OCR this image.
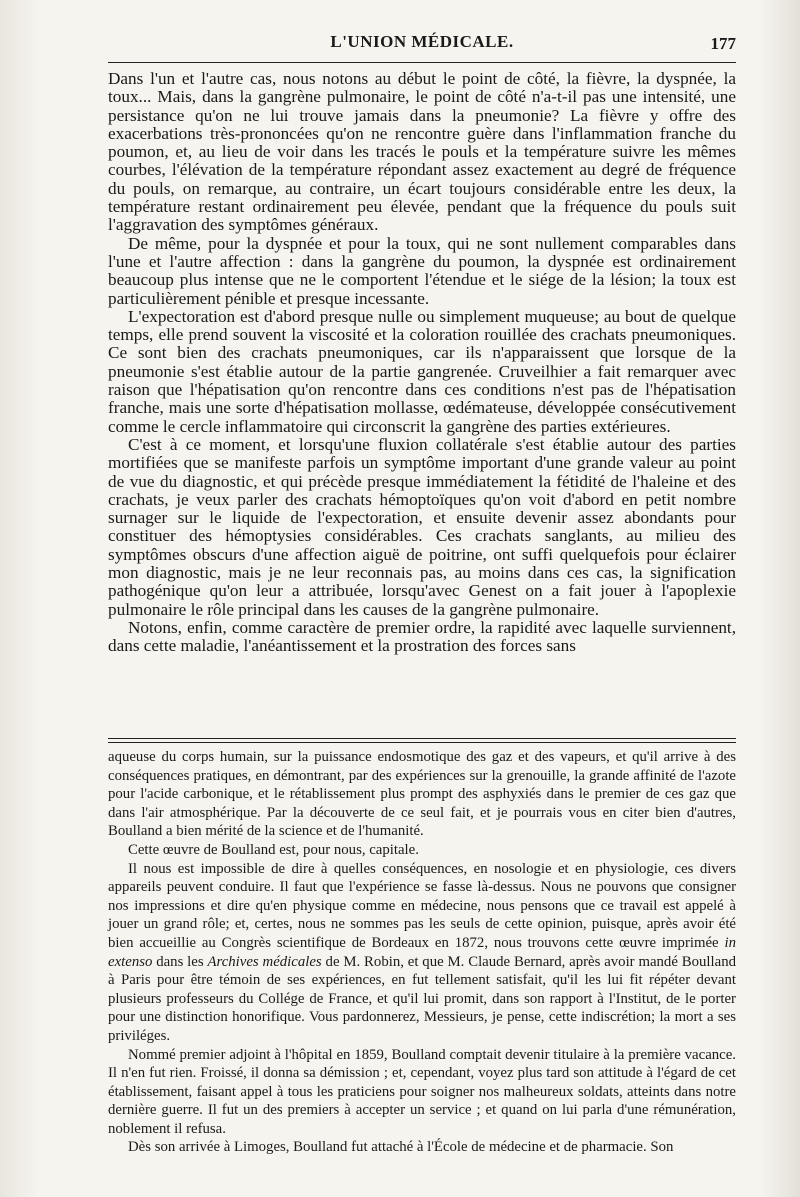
L'UNION MÉDICALE.	177

Dans l'un et l'autre cas, nous notons au début le point de côté, la fièvre, la dyspnée, la toux... Mais, dans la gangrène pulmonaire, le point de côté n'a-t-il pas une intensité, une persistance qu'on ne lui trouve jamais dans la pneumonie? La fièvre y offre des exacerbations très-prononcées qu'on ne rencontre guère dans l'inflammation franche du poumon, et, au lieu de voir dans les tracés le pouls et la température suivre les mêmes courbes, l'élévation de la température répondant assez exactement au degré de fréquence du pouls, on remarque, au contraire, un écart toujours considérable entre les deux, la température restant ordinairement peu élevée, pendant que la fréquence du pouls suit l'aggravation des symptômes généraux.

De même, pour la dyspnée et pour la toux, qui ne sont nullement comparables dans l'une et l'autre affection : dans la gangrène du poumon, la dyspnée est ordinairement beaucoup plus intense que ne le comportent l'étendue et le siége de la lésion; la toux est particulièrement pénible et presque incessante.

L'expectoration est d'abord presque nulle ou simplement muqueuse; au bout de quelque temps, elle prend souvent la viscosité et la coloration rouillée des crachats pneumoniques. Ce sont bien des crachats pneumoniques, car ils n'apparaissent que lorsque de la pneumonie s'est établie autour de la partie gangrenée. Cruveilhier a fait remarquer avec raison que l'hépatisation qu'on rencontre dans ces conditions n'est pas de l'hépatisation franche, mais une sorte d'hépatisation mollasse, œdémateuse, développée consécutivement comme le cercle inflammatoire qui circonscrit la gangrène des parties extérieures.

C'est à ce moment, et lorsqu'une fluxion collatérale s'est établie autour des parties mortifiées que se manifeste parfois un symptôme important d'une grande valeur au point de vue du diagnostic, et qui précède presque immédiatement la fétidité de l'haleine et des crachats, je veux parler des crachats hémoptoïques qu'on voit d'abord en petit nombre surnager sur le liquide de l'expectoration, et ensuite devenir assez abondants pour constituer des hémoptysies considérables. Ces crachats sanglants, au milieu des symptômes obscurs d'une affection aiguë de poitrine, ont suffi quelquefois pour éclairer mon diagnostic, mais je ne leur reconnais pas, au moins dans ces cas, la signification pathogénique qu'on leur a attribuée, lorsqu'avec Genest on a fait jouer à l'apoplexie pulmonaire le rôle principal dans les causes de la gangrène pulmonaire.

Notons, enfin, comme caractère de premier ordre, la rapidité avec laquelle surviennent, dans cette maladie, l'anéantissement et la prostration des forces sans

aqueuse du corps humain, sur la puissance endosmotique des gaz et des vapeurs, et qu'il arrive à des conséquences pratiques, en démontrant, par des expériences sur la grenouille, la grande affinité de l'azote pour l'acide carbonique, et le rétablissement plus prompt des asphyxiés dans le premier de ces gaz que dans l'air atmosphérique. Par la découverte de ce seul fait, et je pourrais vous en citer bien d'autres, Boulland a bien mérité de la science et de l'humanité.

Cette œuvre de Boulland est, pour nous, capitale.

Il nous est impossible de dire à quelles conséquences, en nosologie et en physiologie, ces divers appareils peuvent conduire. Il faut que l'expérience se fasse là-dessus. Nous ne pouvons que consigner nos impressions et dire qu'en physique comme en médecine, nous pensons que ce travail est appelé à jouer un grand rôle; et, certes, nous ne sommes pas les seuls de cette opinion, puisque, après avoir été bien accueillie au Congrès scientifique de Bordeaux en 1872, nous trouvons cette œuvre imprimée in extenso dans les Archives médicales de M. Robin, et que M. Claude Bernard, après avoir mandé Boulland à Paris pour être témoin de ses expériences, en fut tellement satisfait, qu'il les lui fit répéter devant plusieurs professeurs du Collége de France, et qu'il lui promit, dans son rapport à l'Institut, de le porter pour une distinction honorifique. Vous pardonnerez, Messieurs, je pense, cette indiscrétion; la mort a ses priviléges.

Nommé premier adjoint à l'hôpital en 1859, Boulland comptait devenir titulaire à la première vacance. Il n'en fut rien. Froissé, il donna sa démission ; et, cependant, voyez plus tard son attitude à l'égard de cet établissement, faisant appel à tous les praticiens pour soigner nos malheureux soldats, atteints dans notre dernière guerre. Il fut un des premiers à accepter un service ; et quand on lui parla d'une rémunération, noblement il refusa.

Dès son arrivée à Limoges, Boulland fut attaché à l'École de médecine et de pharmacie. Son
